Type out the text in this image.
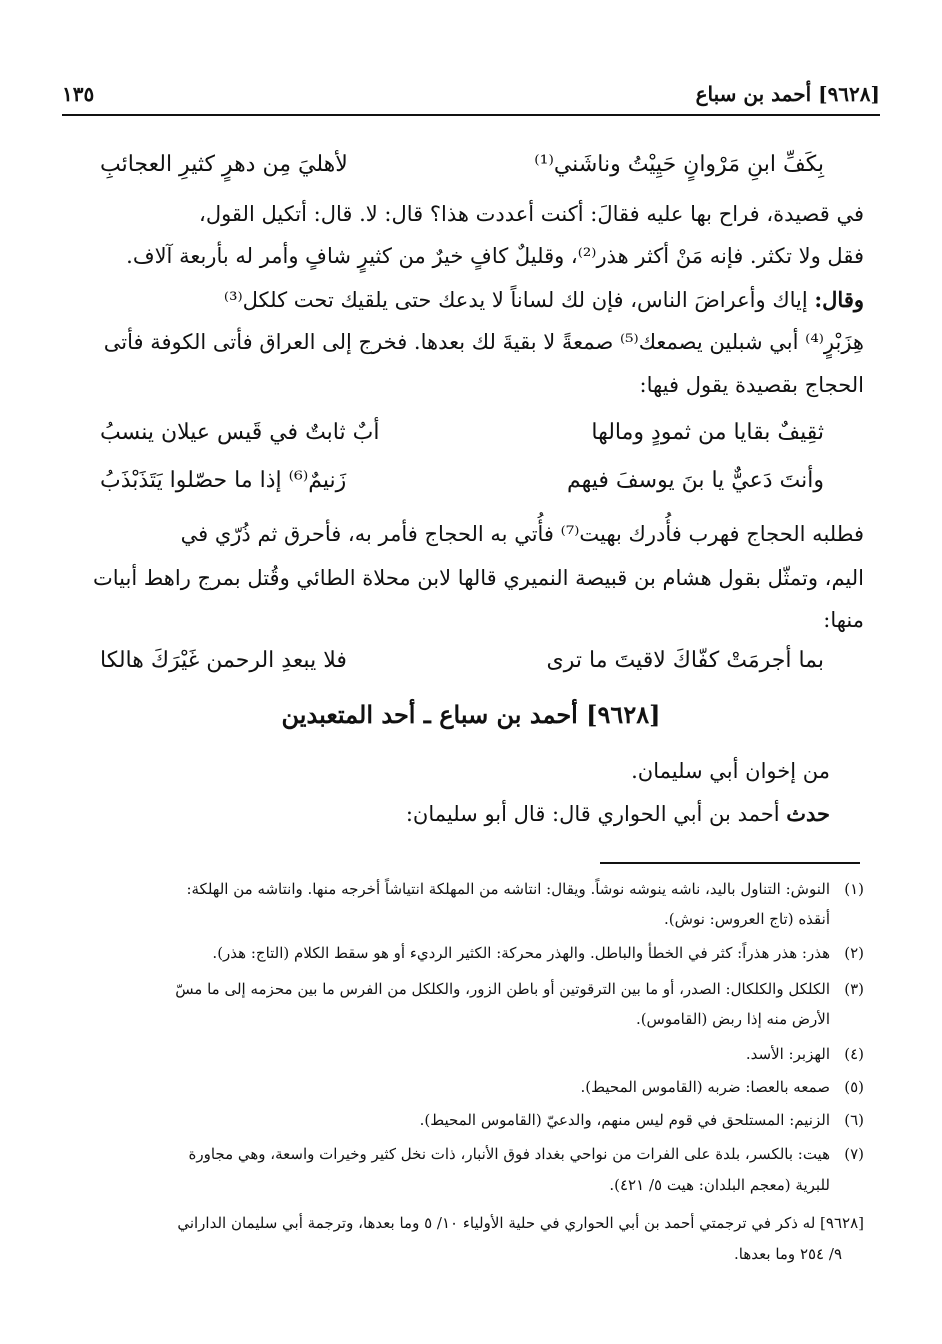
[٩٦٢٨] أحمد بن سباع
١٣٥
بِكَفِّ ابنِ مَرْوانٍ حَيِيْتُ وناشَني⁽¹⁾
لأهليَ مِن دهرٍ كثيرِ العجائبِ
في قصيدة، فراح بها عليه فقالَ: أكنت أعددت هذا؟ قال: لا. قال: أتكيل القول،
فقل ولا تكثر. فإنه مَنْ أكثر هذر⁽²⁾، وقليلٌ كافٍ خيرٌ من كثيرٍ شافٍ وأمر له بأربعة آلاف.
وقال: إياك وأعراضَ الناس، فإن لك لساناً لا يدعك حتى يلقيك تحت كلكل⁽³⁾
هِزَبْرٍ⁽⁴⁾ أبي شبلين يصمعك⁽⁵⁾ صمعةً لا بقيةَ لك بعدها. فخرج إلى العراق فأتى الكوفة فأتى
الحجاج بقصيدة يقول فيها:
ثقِيفٌ بقايا من ثمودٍ ومالها
أبٌ ثابتٌ في قَيس عيلان ينسبُ
وأنتَ دَعيٌّ يا بنَ يوسفَ فيهم
زَنيمٌ⁽⁶⁾ إذا ما حصّلوا يَتَذَبْذَبُ
فطلبه الحجاج فهرب فأُدرك بهيت⁽⁷⁾ فأُتي به الحجاج فأمر به، فأحرق ثم ذُرّي في
اليم، وتمثّل بقول هشام بن قبيصة النميري قالها لابن محلاة الطائي وقُتل بمرج راهط أبيات
منها:
بما أجرمَتْ كفّاكَ لاقيتَ ما ترى
فلا يبعدِ الرحمن غَيْرَكَ هالكا
[٩٦٢٨] أحمد بن سباع ـ أحد المتعبدين
من إخوان أبي سليمان.
حدث أحمد بن أبي الحواري قال: قال أبو سليمان:
(١)النوش: التناول باليد، ناشه ينوشه نوشاً. ويقال: انتاشه من المهلكة انتياشاً أخرجه منها. وانتاشه من الهلكة:
أنقذه (تاج العروس: نوش).
(٢)هذر: هذر هذراً: كثر في الخطأ والباطل. والهذر محركة: الكثير الرديء أو هو سقط الكلام (التاج: هذر).
(٣)الكلكل والكلكال: الصدر، أو ما بين الترقوتين أو باطن الزور، والكلكل من الفرس ما بين محزمه إلى ما مسّ
الأرض منه إذا ربض (القاموس).
(٤)الهزبر: الأسد.
(٥)صمعه بالعصا: ضربه (القاموس المحيط).
(٦)الزنيم: المستلحق في قوم ليس منهم، والدعيّ (القاموس المحيط).
(٧)هيت: بالكسر، بلدة على الفرات من نواحي بغداد فوق الأنبار، ذات نخل كثير وخيرات واسعة، وهي مجاورة
للبرية (معجم البلدان: هيت ٥/ ٤٢١).
[٩٦٢٨] له ذكر في ترجمتي أحمد بن أبي الحواري في حلية الأولياء ١٠/ ٥ وما بعدها، وترجمة أبي سليمان الداراني
٩/ ٢٥٤ وما بعدها.
